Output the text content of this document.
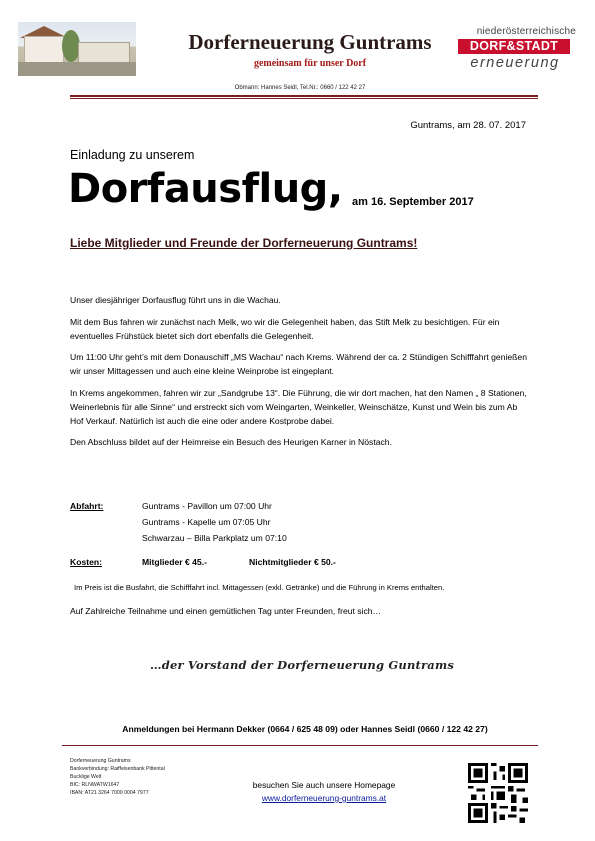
Dorferneuerung Guntrams
gemeinsam für unser Dorf
niederösterreichische
DORF&STADT
erneuerung
Obmann: Hannes Seidl, Tel.Nr.: 0660 / 122 42 27
Guntrams, am 28. 07. 2017
Einladung zu unserem
Dorfausflug, am 16. September 2017
Liebe Mitglieder und Freunde der Dorferneuerung Guntrams!

Unser diesjähriger Dorfausflug führt uns in die Wachau.

Mit dem Bus fahren wir zunächst nach Melk, wo wir die Gelegenheit haben, das Stift Melk zu besichtigen. Für ein eventuelles Frühstück bietet sich dort ebenfalls die Gelegenheit.

Um 11:00 Uhr geht’s mit dem Donauschiff „MS Wachau“ nach Krems. Während der ca. 2 Stündigen Schifffahrt genießen wir unser Mittagessen und auch eine kleine Weinprobe ist eingeplant.

In Krems angekommen, fahren wir zur „Sandgrube 13“. Die Führung, die wir dort machen, hat den Namen „ 8 Stationen, Weinerlebnis für alle Sinne“ und erstreckt sich vom Weingarten, Weinkeller, Weinschätze, Kunst und Wein bis zum Ab Hof Verkauf. Natürlich ist auch die eine oder andere Kostprobe dabei.

Den Abschluss bildet auf der Heimreise ein Besuch des Heurigen Karner in Nöstach.

Abfahrt:	Guntrams - Pavillon um 07:00 Uhr
Guntrams - Kapelle um 07:05 Uhr
Schwarzau – Billa Parkplatz um 07:10
Kosten:	Mitglieder € 45.-	Nichtmitglieder € 50.-
Im Preis ist die Busfahrt, die Schifffahrt incl. Mittagessen (exkl. Getränke) und die Führung in Krems enthalten.
Auf Zahlreiche Teilnahme und einen gemütlichen Tag unter Freunden, freut sich…
…der Vorstand der Dorferneuerung Guntrams
Anmeldungen bei Hermann Dekker (0664 / 625 48 09) oder Hannes Seidl (0660 / 122 42 27)
Dorferneuerung Guntrams
Bankverbindung: Raiffeisenbank Pittental
Bucklige Welt
BIC: RLNWATW1647
IBAN: AT21 3264 7000 0004 7977
besuchen Sie auch unsere Homepage
www.dorferneuerung-guntrams.at
